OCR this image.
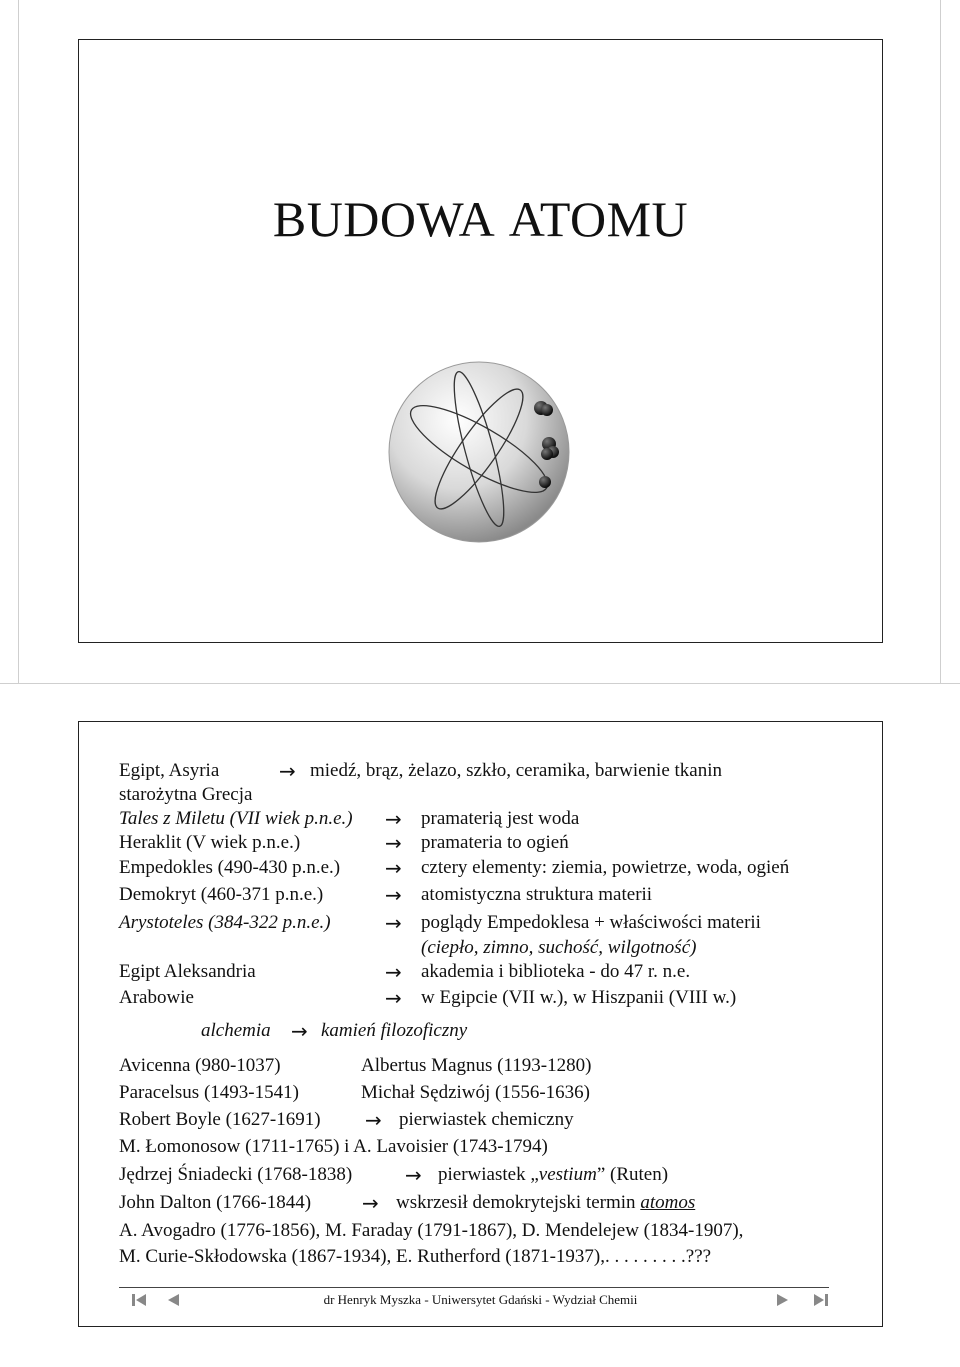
BUDOWA ATOMU
Egipt, Asyria	→ miedź, brąz, żelazo, szkło, ceramika, barwienie tkanin
starożytna Grecja
Tales z Miletu (VII wiek p.n.e.) → pramaterią jest woda
Heraklit (V wiek p.n.e.)	→ pramateria to ogień
Empedokles (490-430 p.n.e.) → cztery elementy: ziemia, powietrze, woda, ogień
Demokryt (460-371 p.n.e.)	→ atomistyczna struktura materii
Arystoteles (384-322 p.n.e.)	→ poglądy Empedoklesa + właściwości materii
(ciepło, zimno, suchość, wilgotność)
Egipt Aleksandria	→ akademia i biblioteka - do 47 r. n.e.
Arabowie	→ w Egipcie (VII w.), w Hiszpanii (VIII w.)
alchemia → kamień filozoficzny
Avicenna (980-1037)	Albertus Magnus (1193-1280)
Paracelsus (1493-1541)	Michał Sędziwój (1556-1636)
Robert Boyle (1627-1691) → pierwiastek chemiczny
M. Łomonosow (1711-1765) i A. Lavoisier (1743-1794)
Jędrzej Śniadecki (1768-1838)	→ pierwiastek „vestium” (Ruten)
John Dalton (1766-1844)	→ wskrzesił demokrytejski termin atomos
A. Avogadro (1776-1856), M. Faraday (1791-1867), D. Mendelejew (1834-1907),
M. Curie-Skłodowska (1867-1934), E. Rutherford (1871-1937),. . . . . . . . .???
dr Henryk Myszka - Uniwersytet Gdański - Wydział Chemii
